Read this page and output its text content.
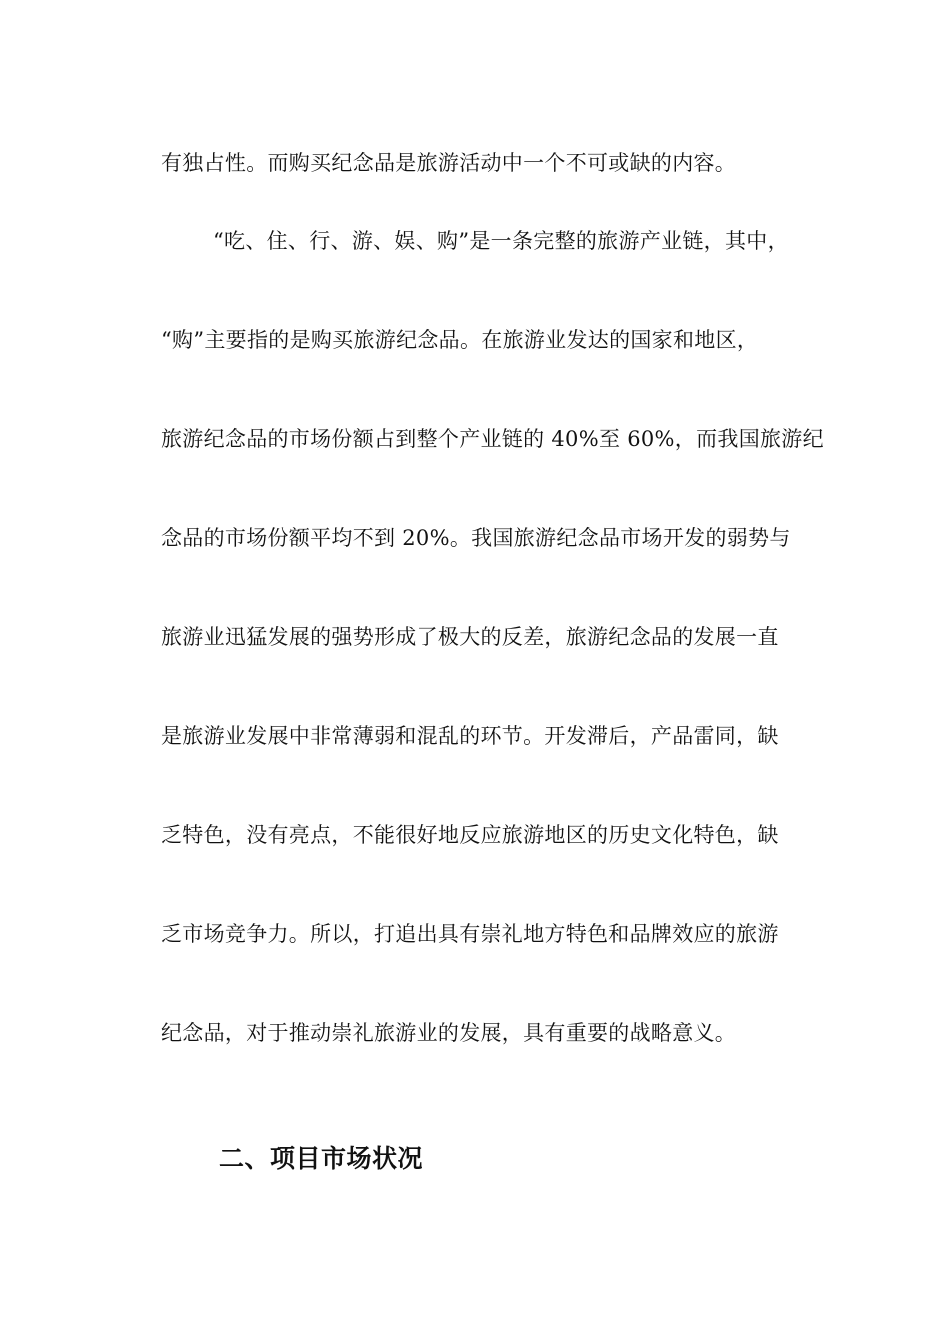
有独占性。而购买纪念品是旅游活动中一个不可或缺的内容。
“吃、住、行、游、娱、购”是一条完整的旅游产业链，其中，
“购”主要指的是购买旅游纪念品。在旅游业发达的国家和地区，
旅游纪念品的市场份额占到整个产业链的 40%至 60%，而我国旅游纪
念品的市场份额平均不到 20%。我国旅游纪念品市场开发的弱势与
旅游业迅猛发展的强势形成了极大的反差，旅游纪念品的发展一直
是旅游业发展中非常薄弱和混乱的环节。开发滞后，产品雷同，缺
乏特色，没有亮点，不能很好地反应旅游地区的历史文化特色，缺
乏市场竞争力。所以，打追出具有崇礼地方特色和品牌效应的旅游
纪念品，对于推动崇礼旅游业的发展，具有重要的战略意义。
二、项目市场状况
